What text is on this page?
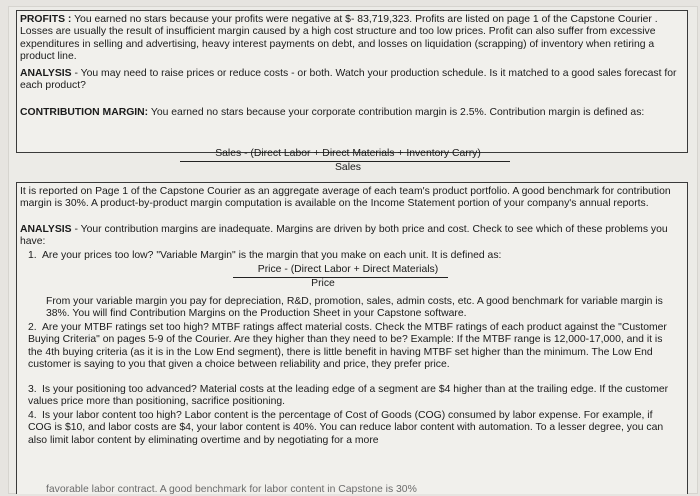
PROFITS : You earned no stars because your profits were negative at $- 83,719,323. Profits are listed on page 1 of the Capstone Courier . Losses are usually the result of insufficient margin caused by a high cost structure and too low prices. Profit can also suffer from excessive expenditures in selling and advertising, heavy interest payments on debt, and losses on liquidation (scrapping) of inventory when retiring a product line.

ANALYSIS - You may need to raise prices or reduce costs - or both. Watch your production schedule. Is it matched to a good sales forecast for each product?

CONTRIBUTION MARGIN: You earned no stars because your corporate contribution margin is 2.5%. Contribution margin is defined as:

Sales - (Direct Labor + Direct Materials + Inventory Carry)
Sales

It is reported on Page 1 of the Capstone Courier as an aggregate average of each team's product portfolio. A good benchmark for contribution margin is 30%. A product-by-product margin computation is available on the Income Statement portion of your company's annual reports.

ANALYSIS - Your contribution margins are inadequate. Margins are driven by both price and cost. Check to see which of these problems you have:

1. Are your prices too low? "Variable Margin" is the margin that you make on each unit. It is defined as:

Price - (Direct Labor + Direct Materials)
Price

From your variable margin you pay for depreciation, R&D, promotion, sales, admin costs, etc. A good benchmark for variable margin is 38%. You will find Contribution Margins on the Production Sheet in your Capstone software.

2. Are your MTBF ratings set too high? MTBF ratings affect material costs. Check the MTBF ratings of each product against the "Customer Buying Criteria" on pages 5-9 of the Courier. Are they higher than they need to be? Example: If the MTBF range is 12,000-17,000, and it is the 4th buying criteria (as it is in the Low End segment), there is little benefit in having MTBF set higher than the minimum. The Low End customer is saying to you that given a choice between reliability and price, they prefer price.

3. Is your positioning too advanced? Material costs at the leading edge of a segment are $4 higher than at the trailing edge. If the customer values price more than positioning, sacrifice positioning.

4. Is your labor content too high? Labor content is the percentage of Cost of Goods (COG) consumed by labor expense. For example, if COG is $10, and labor costs are $4, your labor content is 40%. You can reduce labor content with automation. To a lesser degree, you can also limit labor content by eliminating overtime and by negotiating for a more

favorable labor contract. A good benchmark for labor content in Capstone is 30%
